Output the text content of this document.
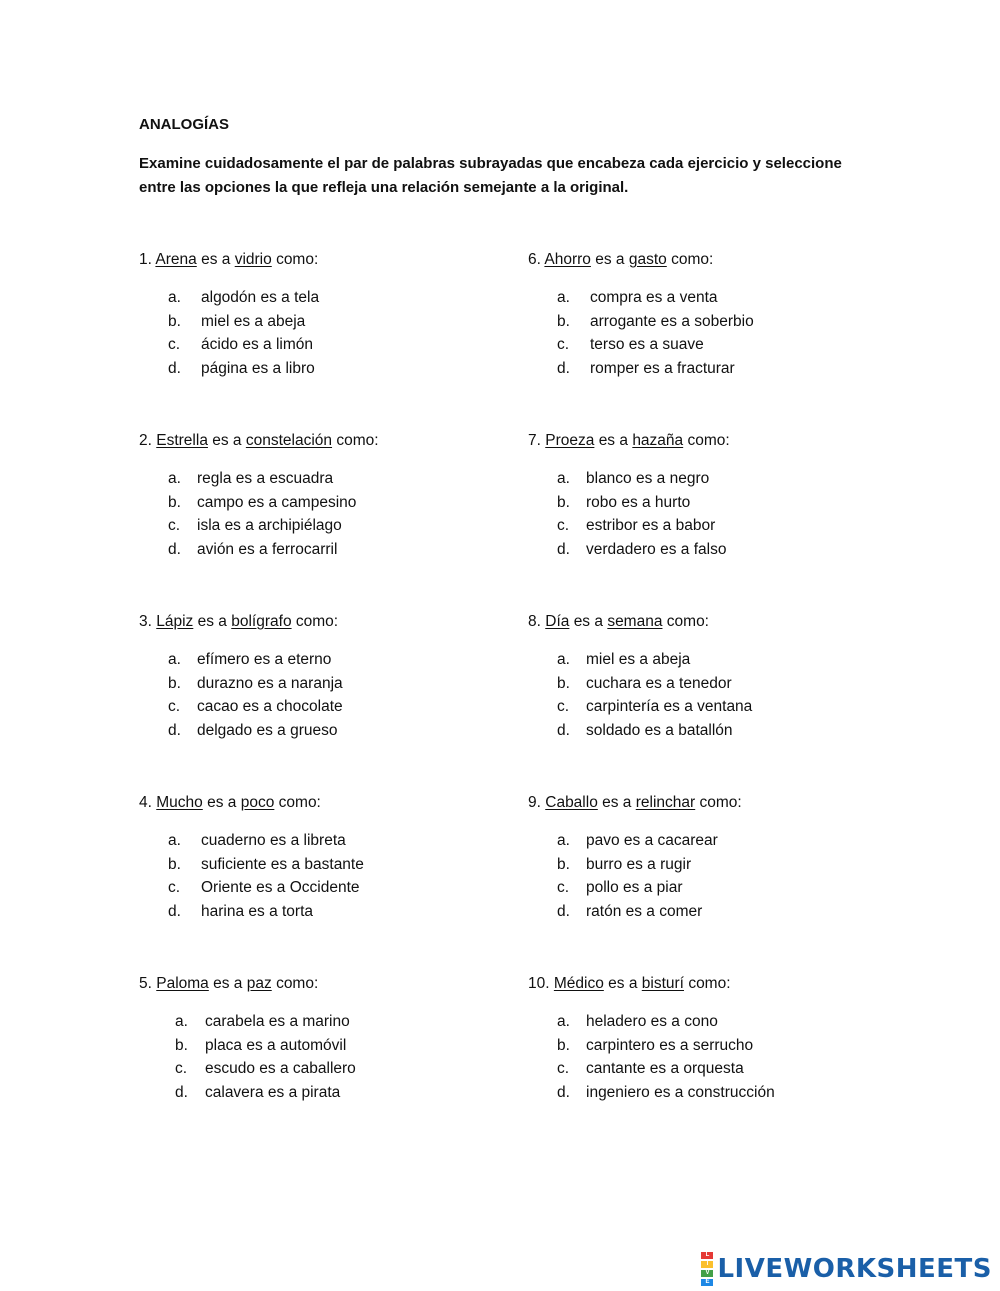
ANALOGÍAS
Examine cuidadosamente el par de palabras subrayadas que encabeza cada ejercicio y seleccione entre las opciones la que refleja una relación semejante a la original.
1. Arena es a vidrio como:
a. algodón es a tela
b. miel es a abeja
c. ácido es a limón
d. página es a libro
2. Estrella es a constelación como:
a. regla es a escuadra
b. campo es a campesino
c. isla es a archipiélago
d. avión es a ferrocarril
3. Lápiz es a bolígrafo como:
a. efímero es a eterno
b. durazno es a naranja
c. cacao es a chocolate
d. delgado es a grueso
4. Mucho es a poco como:
a. cuaderno es a libreta
b. suficiente es a bastante
c. Oriente es a Occidente
d. harina es a torta
5. Paloma es a paz como:
a. carabela es a marino
b. placa es a automóvil
c. escudo es a caballero
d. calavera es a pirata
6. Ahorro es a gasto como:
a. compra es a venta
b. arrogante es a soberbio
c. terso es a suave
d. romper es a fracturar
7. Proeza es a hazaña como:
a. blanco es a negro
b. robo es a hurto
c. estribor es a babor
d. verdadero es a falso
8. Día es a semana como:
a. miel es a abeja
b. cuchara es a tenedor
c. carpintería es a ventana
d. soldado es a batallón
9. Caballo es a relinchar como:
a. pavo es a cacarear
b. burro es a rugir
c. pollo es a piar
d. ratón es a comer
10. Médico es a bisturí como:
a. heladero es a cono
b. carpintero es a serrucho
c. cantante es a orquesta
d. ingeniero es a construcción
L
I
V
E LIVEWORKSHEETS
